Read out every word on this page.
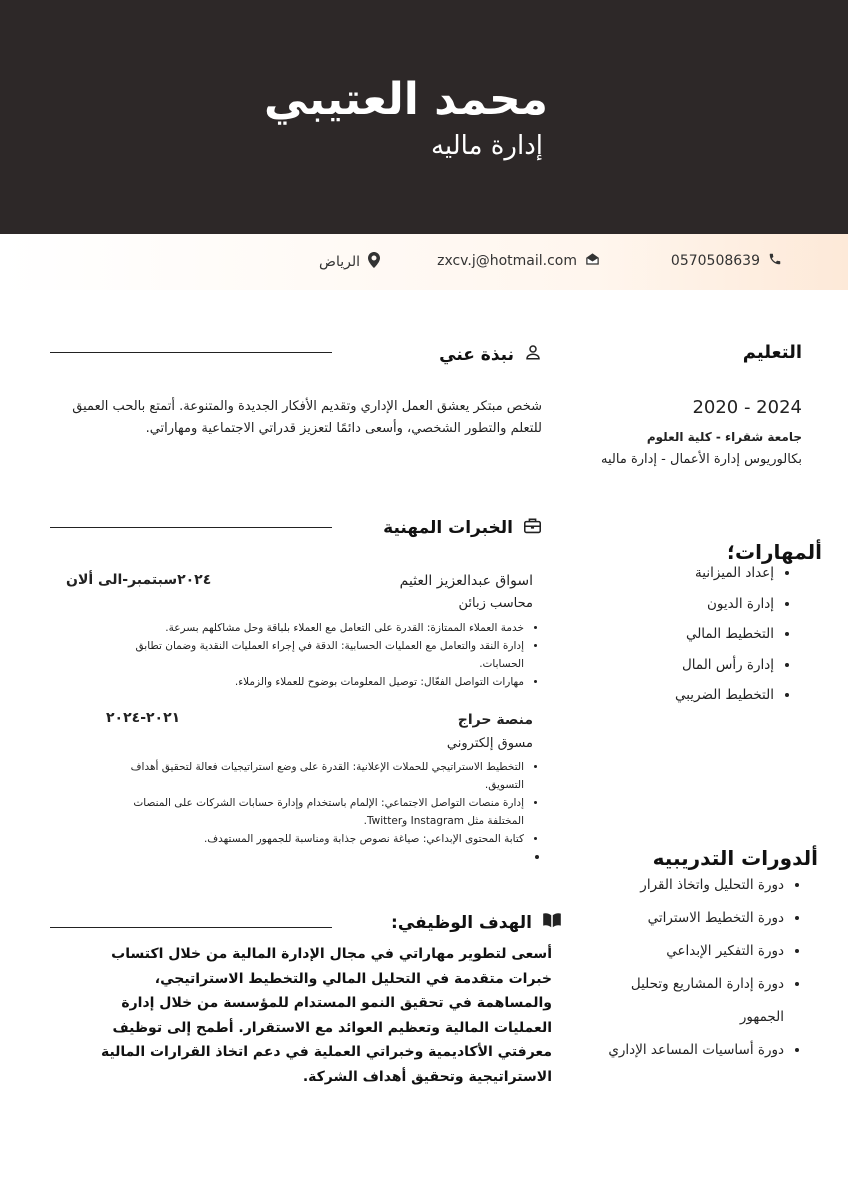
محمد العتيبي
إدارة ماليه
0570508639
zxcv.j@hotmail.com
الرياض
نبذة عني
شخص مبتكر يعشق العمل الإداري وتقديم الأفكار الجديدة والمتنوعة. أتمتع بالحب العميق للتعلم والتطور الشخصي، وأسعى دائمًا لتعزيز قدراتي الاجتماعية ومهاراتي.
الخبرات المهنية
اسواق عبدالعزيز العثيم
٢٠٢٤سبتمبر-الى ألان
محاسب زبائن
• خدمة العملاء الممتازة: القدرة على التعامل مع العملاء بلباقة وحل مشاكلهم بسرعة.
• إدارة النقد والتعامل مع العمليات الحسابية: الدقة في إجراء العمليات النقدية وضمان تطابق الحسابات.
• مهارات التواصل الفعّال: توصيل المعلومات بوضوح للعملاء والزملاء.
منصة حراج
٢٠٢١-٢٠٢٤
مسوق إلكتروني
• التخطيط الاستراتيجي للحملات الإعلانية: القدرة على وضع استراتيجيات فعالة لتحقيق أهداف التسويق.
• إدارة منصات التواصل الاجتماعي: الإلمام باستخدام وإدارة حسابات الشركات على المنصات المختلفة مثل Instagram وTwitter.
• كتابة المحتوى الإبداعي: صياغة نصوص جذابة ومناسبة للجمهور المستهدف.
•
الهدف الوظيفي:
أسعى لتطوير مهاراتي في مجال الإدارة المالية من خلال اكتساب خبرات متقدمة في التحليل المالي والتخطيط الاستراتيجي، والمساهمة في تحقيق النمو المستدام للمؤسسة من خلال إدارة العمليات المالية وتعظيم العوائد مع الاستقرار. أطمح إلى توظيف معرفتي الأكاديمية وخبراتي العملية في دعم اتخاذ القرارات المالية الاستراتيجية وتحقيق أهداف الشركة.
التعليم
2020 - 2024
جامعة شقراء - كلية العلوم
بكالوريوس إدارة الأعمال - إدارة ماليه
ألمهارات؛
• إعداد الميزانية
• إدارة الديون
• التخطيط المالي
• إدارة رأس المال
• التخطيط الضريبي
ألدورات التدريبيه
• دورة التحليل واتخاذ القرار
• دورة التخطيط الاستراتي
• دورة التفكير الإبداعي
• دورة إدارة المشاريع وتحليل الجمهور
• دورة أساسيات المساعد الإداري
